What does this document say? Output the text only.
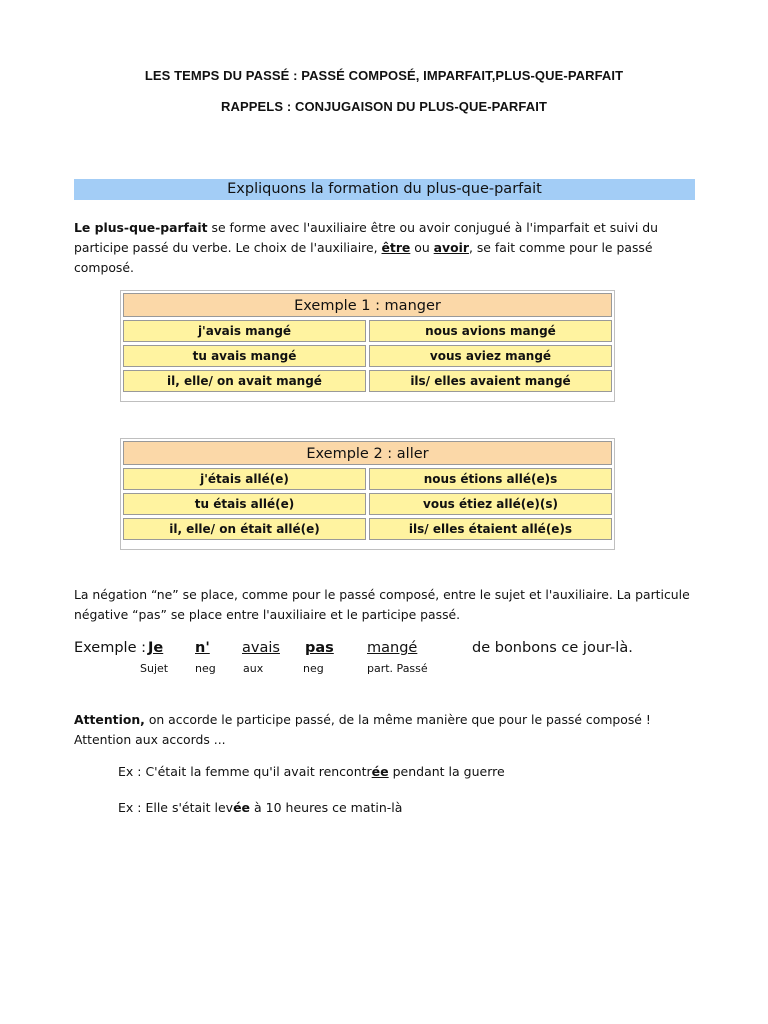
LES TEMPS DU PASSÉ : PASSÉ COMPOSÉ, IMPARFAIT,PLUS-QUE-PARFAIT
RAPPELS : CONJUGAISON DU PLUS-QUE-PARFAIT
Expliquons la formation du plus-que-parfait
Le plus-que-parfait se forme avec l'auxiliaire être ou avoir conjugué à l'imparfait et suivi du participe passé du verbe. Le choix de l'auxiliaire, être ou avoir, se fait comme pour le passé composé.
Exemple 1 : manger
j'avais mangé	nous avions mangé
tu avais mangé	vous aviez mangé
il, elle/ on avait mangé	ils/ elles avaient mangé
Exemple 2 : aller
j'étais allé(e)	nous étions allé(e)s
tu étais allé(e)	vous étiez allé(e)(s)
il, elle/ on était allé(e)	ils/ elles étaient allé(e)s
La négation “ne” se place, comme pour le passé composé, entre le sujet et l'auxiliaire. La particule négative “pas” se place entre l'auxiliaire et le participe passé.
Exemple : Je n' avais pas mangé	de bonbons ce jour-là.
Sujet neg aux	neg	part. Passé
Attention, on accorde le participe passé, de la même manière que pour le passé composé ! Attention aux accords ...
Ex : C'était la femme qu'il avait rencontrée pendant la guerre
Ex : Elle s'était levée à 10 heures ce matin-là
